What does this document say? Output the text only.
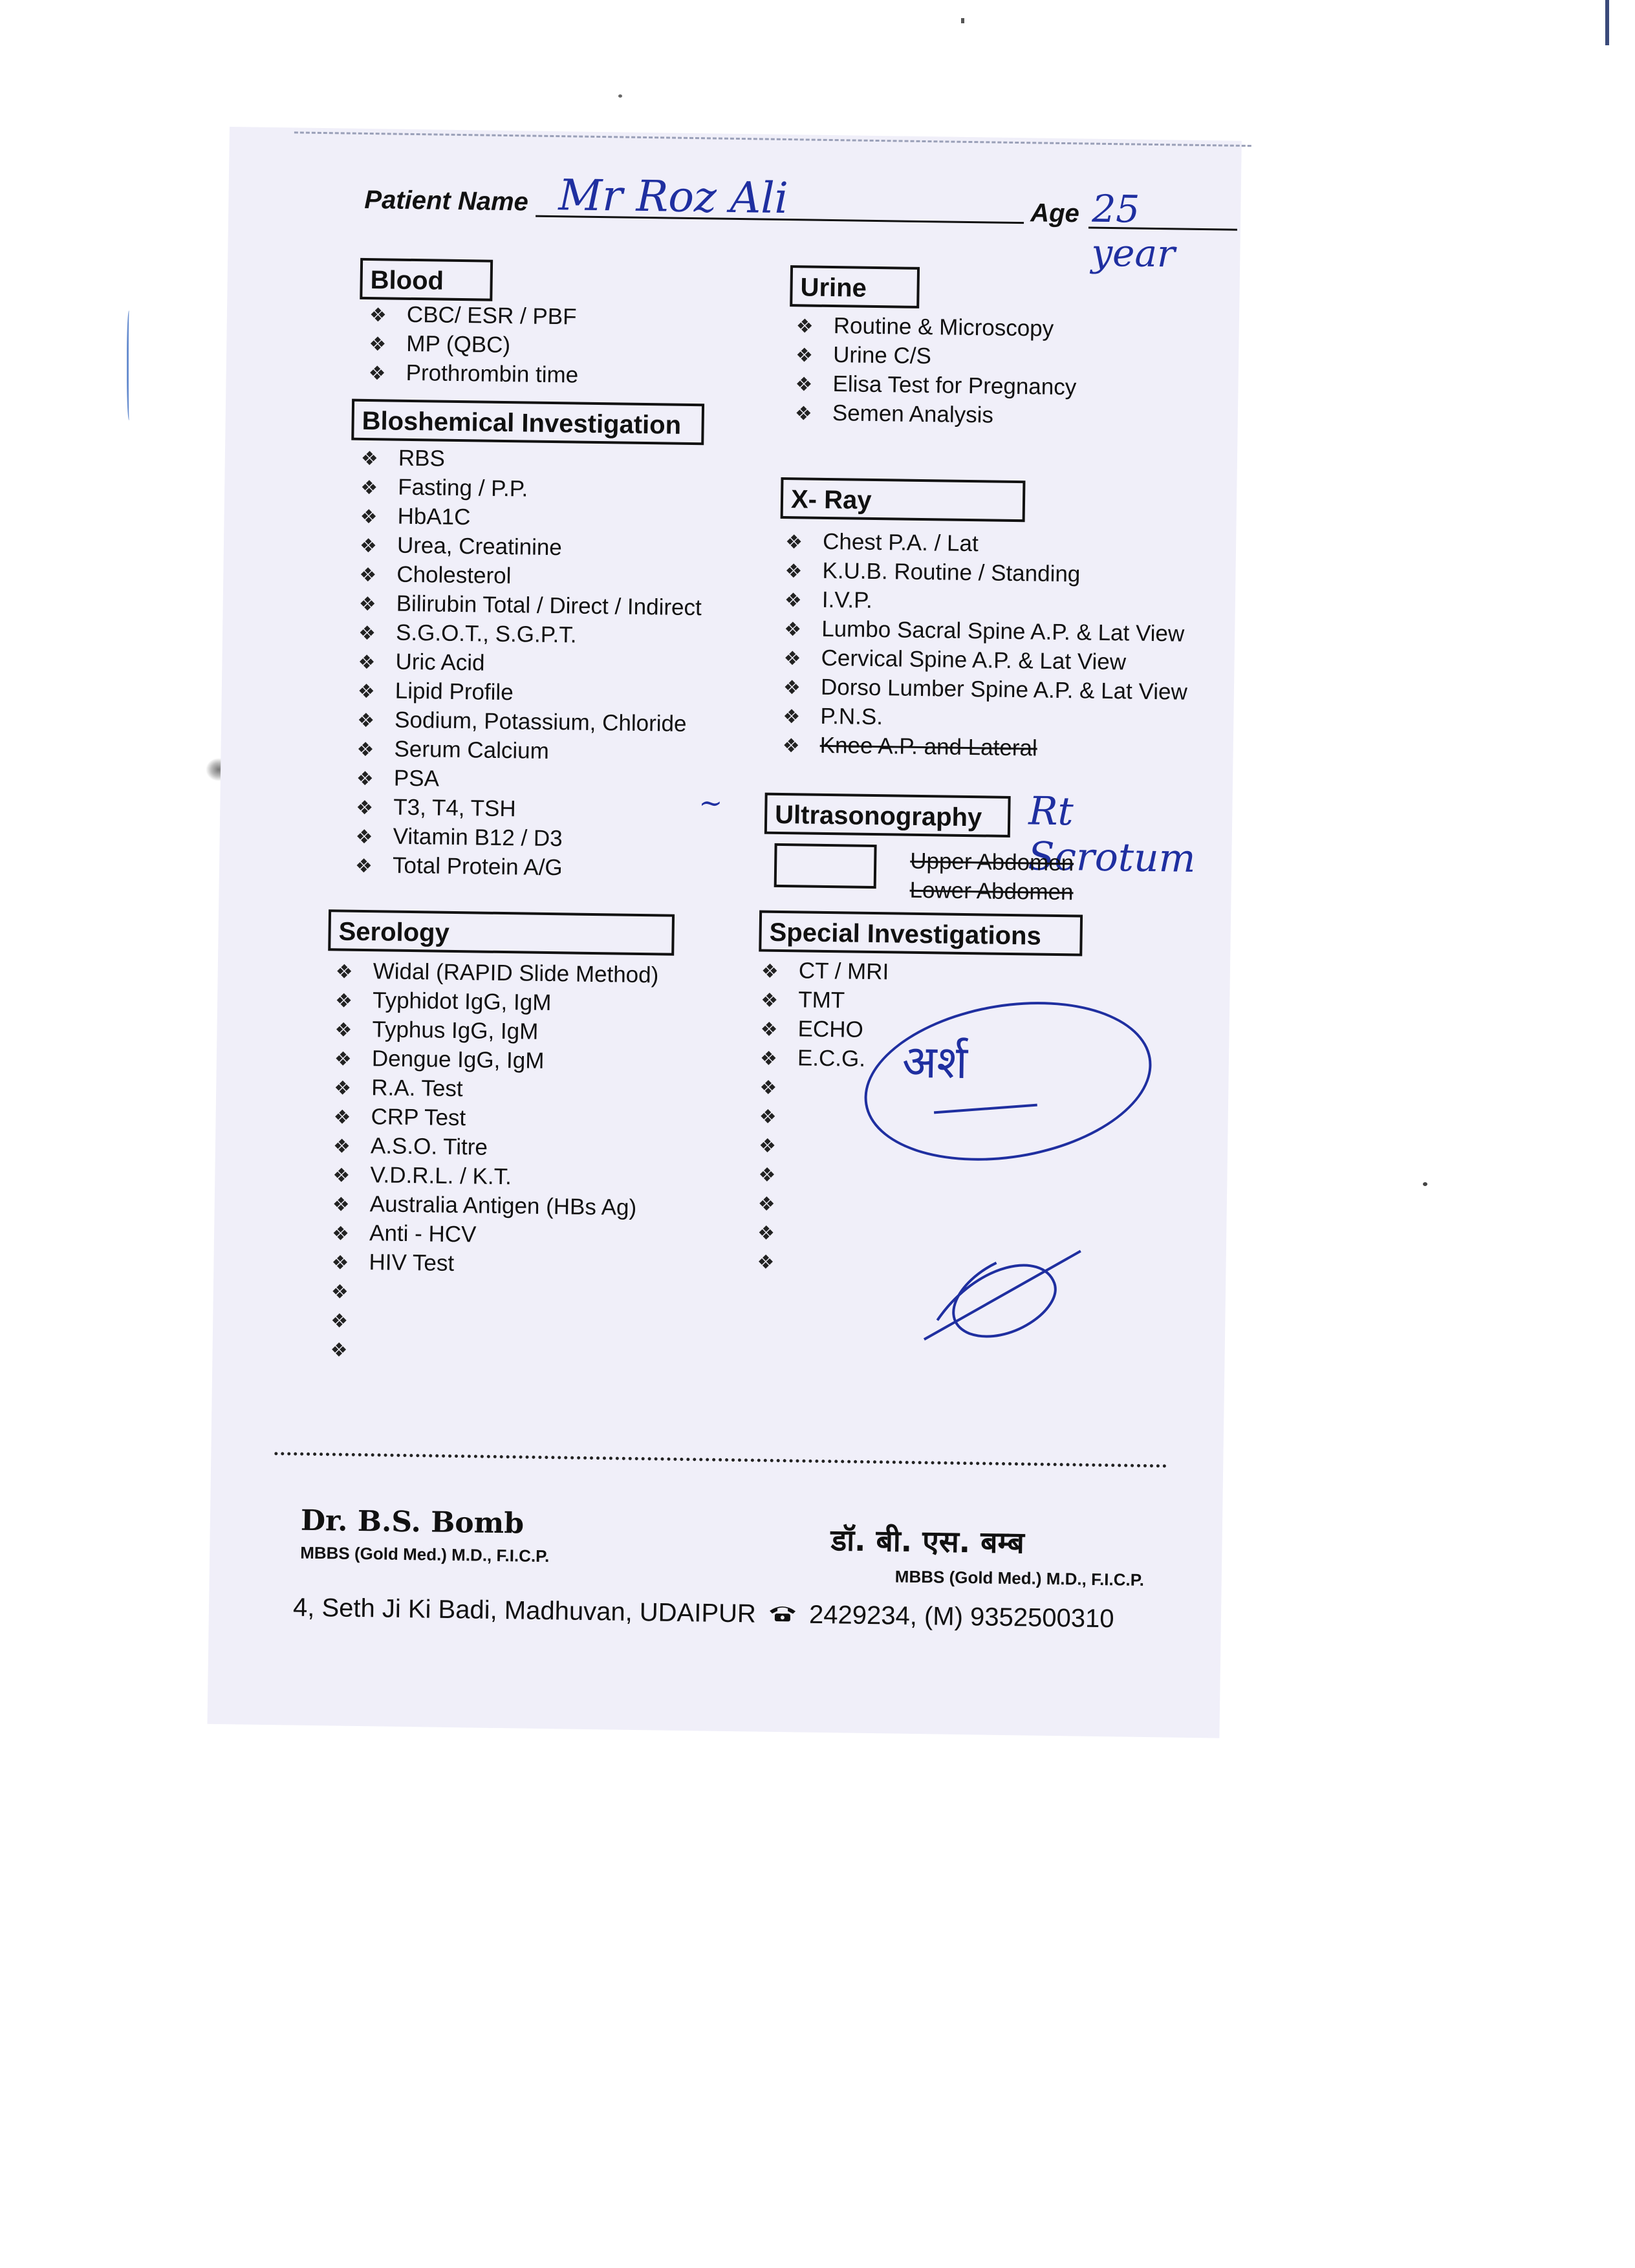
Patient Name Mr Roz Ali	Age 25 year
Blood
❖ CBC/ ESR / PBF
❖ MP (QBC)
❖ Prothrombin time
Bloshemical Investigation
❖ RBS
❖ Fasting / P.P.
❖ HbA1C
❖ Urea, Creatinine
❖ Cholesterol
❖ Bilirubin Total / Direct / Indirect
❖ S.G.O.T., S.G.P.T.
❖ Uric Acid
❖ Lipid Profile
❖ Sodium, Potassium, Chloride
❖ Serum Calcium
❖ PSA
❖ T3, T4, TSH
❖ Vitamin B12 / D3
❖ Total Protein A/G
Serology
❖ Widal (RAPID Slide Method)
❖ Typhidot IgG, IgM
❖ Typhus IgG, IgM
❖ Dengue IgG, IgM
❖ R.A. Test
❖ CRP Test
❖ A.S.O. Titre
❖ V.D.R.L. / K.T.
❖ Australia Antigen (HBs Ag)
❖ Anti - HCV
❖ HIV Test
❖
❖
❖
Urine
❖ Routine & Microscopy
❖ Urine C/S
❖ Elisa Test for Pregnancy
❖ Semen Analysis
X- Ray
❖ Chest P.A. / Lat
❖ K.U.B. Routine / Standing
❖ I.V.P.
❖ Lumbo Sacral Spine A.P. & Lat View
❖ Cervical Spine A.P. & Lat View
❖ Dorso Lumber Spine A.P. & Lat View
❖ P.N.S.
❖ Knee A.P. and Lateral
~	Ultrasonography	Rt Scrotum
Upper Abdomen
Lower Abdomen
Special Investigations
❖ CT / MRI
❖ TMT
❖ ECHO
❖ E.C.G.
❖
❖
❖
❖
❖
❖
❖
अर्श
Dr. B.S. Bomb
MBBS (Gold Med.) M.D., F.I.C.P.	डॉ. बी. एस. बम्ब
MBBS (Gold Med.) M.D., F.I.C.P.
4, Seth Ji Ki Badi, Madhuvan, UDAIPUR 2429234, (M) 9352500310
